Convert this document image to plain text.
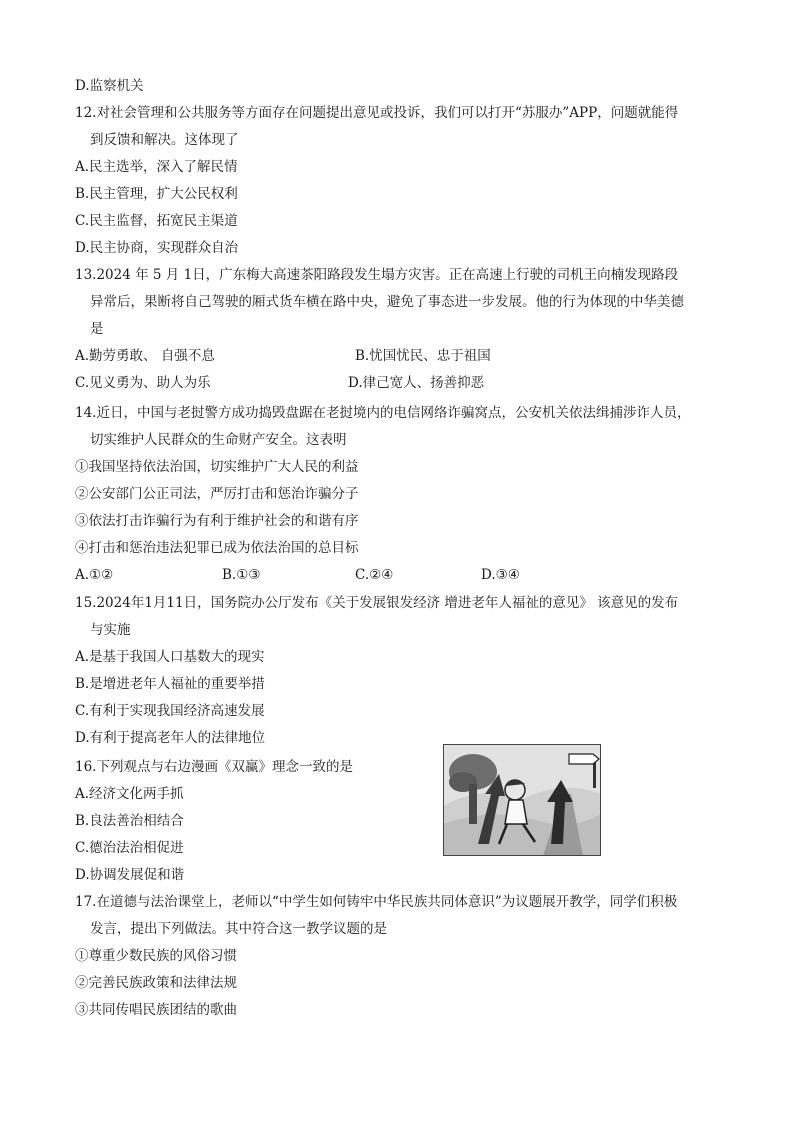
D.监察机关
12.对社会管理和公共服务等方面存在问题提出意见或投诉，我们可以打开“苏服办”APP，问题就能得
到反馈和解决。这体现了
A.民主选举，深入了解民情
B.民主管理，扩大公民权利
C.民主监督，拓宽民主渠道
D.民主协商，实现群众自治
13.2024 年 5 月 1日，广东梅大高速茶阳路段发生塌方灾害。正在高速上行驶的司机王向楠发现路段
异常后，果断将自己驾驶的厢式货车横在路中央，避免了事态进一步发展。他的行为体现的中华美德
是
A.勤劳勇敢、 自强不息	B.忧国忧民、忠于祖国
C.见义勇为、助人为乐	D.律己宽人、扬善抑恶
14.近日，中国与老挝警方成功捣毁盘踞在老挝境内的电信网络诈骗窝点，公安机关依法缉捕涉诈人员，
切实维护人民群众的生命财产安全。这表明
①我国坚持依法治国，切实维护广大人民的利益
②公安部门公正司法，严厉打击和惩治诈骗分子
③依法打击诈骗行为有利于维护社会的和谐有序
④打击和惩治违法犯罪已成为依法治国的总目标
A.①②	B.①③	C.②④	D.③④
15.2024年1月11日，国务院办公厅发布《关于发展银发经济 增进老年人福祉的意见》 该意见的发布
与实施
A.是基于我国人口基数大的现实
B.是增进老年人福祉的重要举措
C.有利于实现我国经济高速发展
D.有利于提高老年人的法律地位
16.下列观点与右边漫画《双赢》理念一致的是
A.经济文化两手抓
B.良法善治相结合
C.德治法治相促进
D.协调发展促和谐
17.在道德与法治课堂上，老师以“中学生如何铸牢中华民族共同体意识”为议题展开教学，同学们积极
发言，提出下列做法。其中符合这一教学议题的是
①尊重少数民族的风俗习惯
②完善民族政策和法律法规
③共同传唱民族团结的歌曲
